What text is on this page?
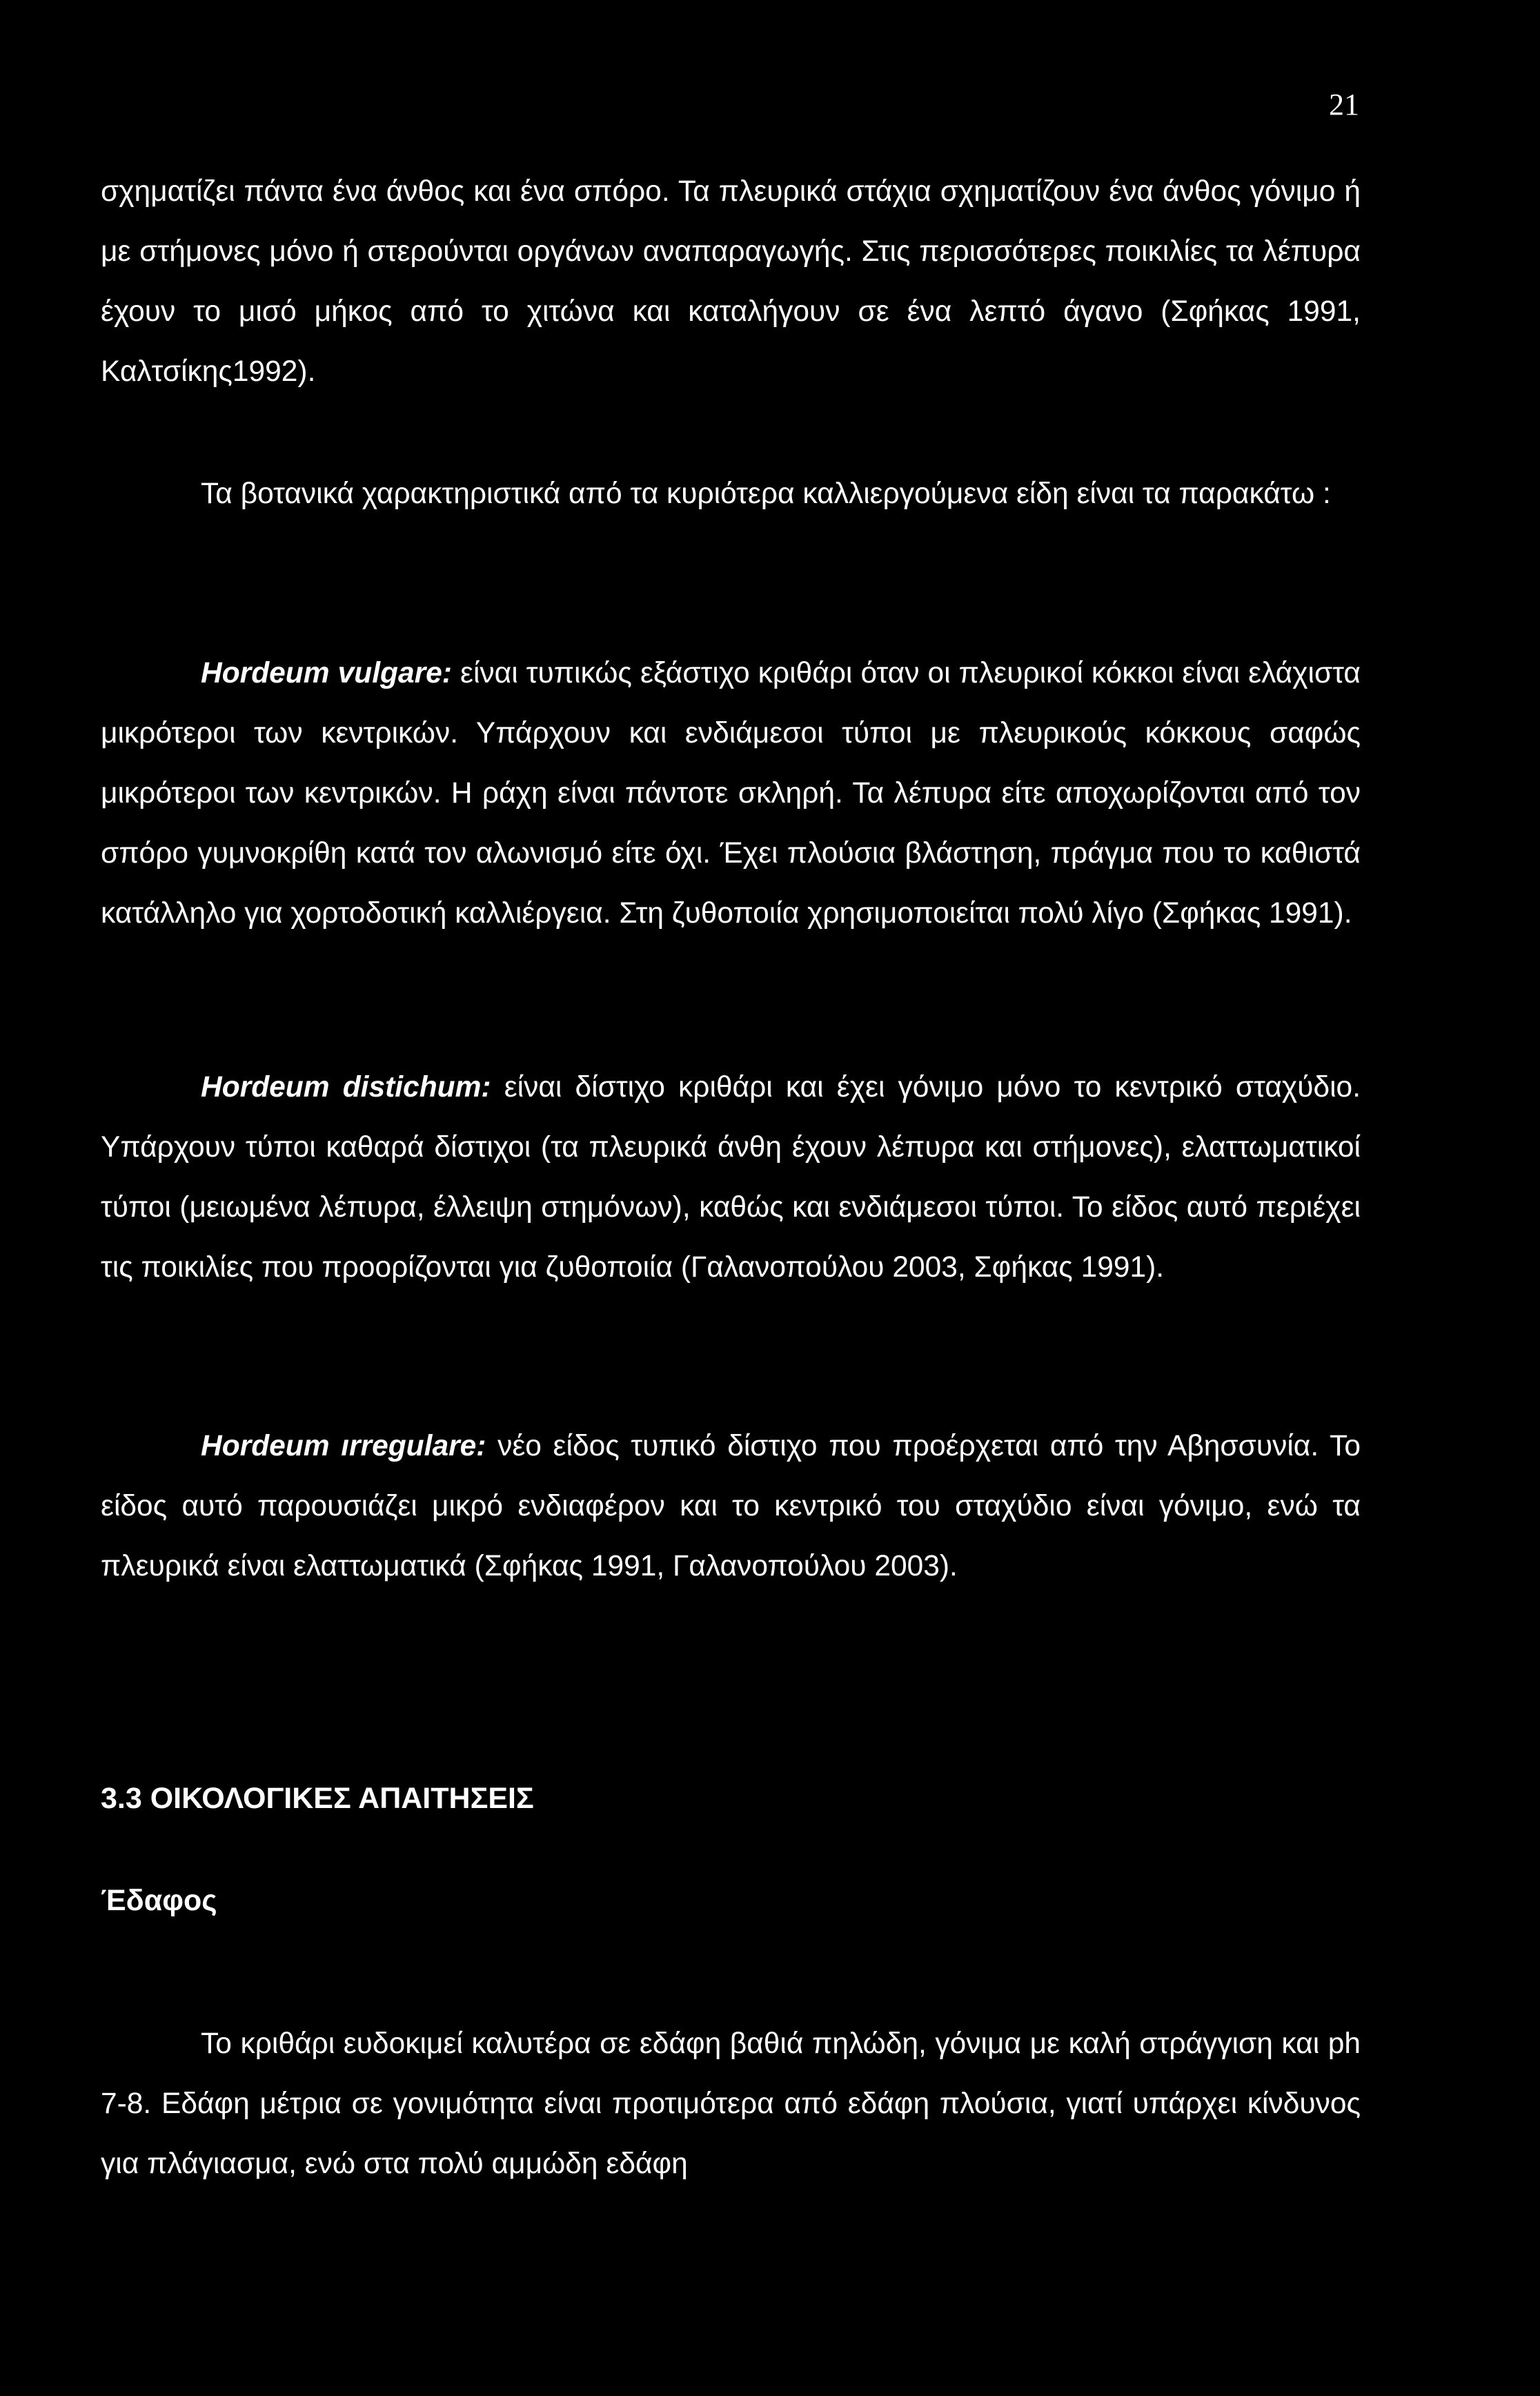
21

σχηματίζει πάντα ένα άνθος και ένα σπόρο. Τα πλευρικά στάχια σχηματίζουν ένα άνθος γόνιμο ή με στήμονες μόνο ή στερούνται οργάνων αναπαραγωγής. Στις περισσότερες ποικιλίες τα λέπυρα έχουν το μισό μήκος από το χιτώνα και καταλήγουν σε ένα λεπτό άγανο (Σφήκας 1991, Καλτσίκης1992).

Τα βοτανικά χαρακτηριστικά από τα κυριότερα καλλιεργούμενα είδη είναι τα παρακάτω :

Hordeum vulgare: είναι τυπικώς εξάστιχο κριθάρι όταν οι πλευρικοί κόκκοι είναι ελάχιστα μικρότεροι των κεντρικών. Υπάρχουν και ενδιάμεσοι τύποι με πλευρικούς κόκκους σαφώς μικρότεροι των κεντρικών. Η ράχη είναι πάντοτε σκληρή. Τα λέπυρα είτε αποχωρίζονται από τον σπόρο γυμνοκρίθη κατά τον αλωνισμό είτε όχι. Έχει πλούσια βλάστηση, πράγμα που το καθιστά κατάλληλο για χορτοδοτική καλλιέργεια. Στη ζυθοποιία χρησιμοποιείται πολύ λίγο (Σφήκας 1991).

Hordeum distichum: είναι δίστιχο κριθάρι και έχει γόνιμο μόνο το κεντρικό σταχύδιο. Υπάρχουν τύποι καθαρά δίστιχοι (τα πλευρικά άνθη έχουν λέπυρα και στήμονες), ελαττωματικοί τύποι (μειωμένα λέπυρα, έλλειψη στημόνων), καθώς και ενδιάμεσοι τύποι. Το είδος αυτό περιέχει τις ποικιλίες που προορίζονται για ζυθοποιία (Γαλανοπούλου 2003, Σφήκας 1991).

Hordeum ırregulare: νέο είδος τυπικό δίστιχο που προέρχεται από την Αβησσυνία. Το είδος αυτό παρουσιάζει μικρό ενδιαφέρον και το κεντρικό του σταχύδιο είναι γόνιμο, ενώ τα πλευρικά είναι ελαττωματικά (Σφήκας 1991, Γαλανοπούλου 2003).

3.3 ΟΙΚΟΛΟΓΙΚΕΣ ΑΠΑΙΤΗΣΕΙΣ
Έδαφος

Το κριθάρι ευδοκιμεί καλυτέρα σε εδάφη βαθιά πηλώδη, γόνιμα με καλή στράγγιση και ph 7-8. Εδάφη μέτρια σε γονιμότητα είναι προτιμότερα από εδάφη πλούσια, γιατί υπάρχει κίνδυνος για πλάγιασμα, ενώ στα πολύ αμμώδη εδάφη
